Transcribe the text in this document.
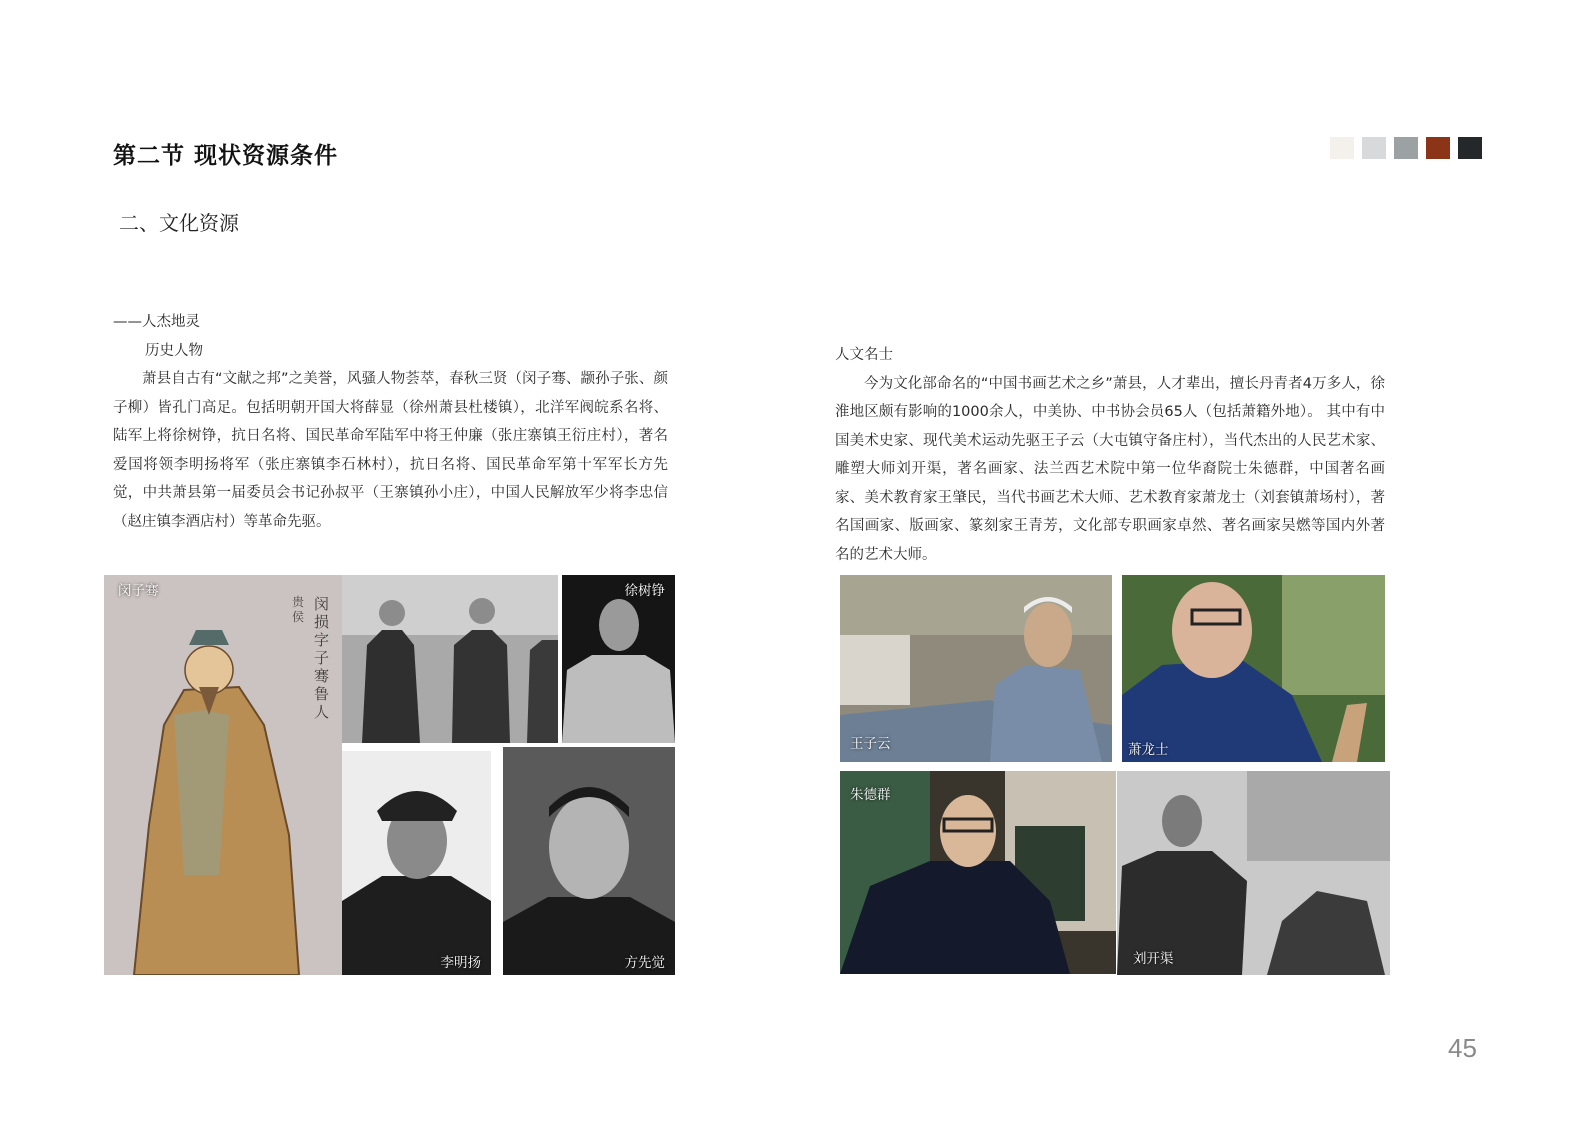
第二节 现状资源条件
二、文化资源

——人杰地灵

历史人物

萧县自古有“文献之邦”之美誉，风骚人物荟萃，春秋三贤（闵子骞、颛孙子张、颜子柳）皆孔门高足。包括明朝开国大将薛显（徐州萧县杜楼镇），北洋军阀皖系名将、陆军上将徐树铮，抗日名将、国民革命军陆军中将王仲廉（张庄寨镇王衍庄村），著名爱国将领李明扬将军（张庄寨镇李石林村），抗日名将、国民革命军第十军军长方先觉，中共萧县第一届委员会书记孙叔平（王寨镇孙小庄），中国人民解放军少将李忠信（赵庄镇李酒店村）等革命先驱。

人文名士

今为文化部命名的“中国书画艺术之乡”萧县，人才辈出，擅长丹青者4万多人，徐淮地区颇有影响的1000余人，中美协、中书协会员65人（包括萧籍外地）。 其中有中国美术史家、现代美术运动先驱王子云（大屯镇守备庄村），当代杰出的人民艺术家、雕塑大师刘开渠，著名画家、法兰西艺术院中第一位华裔院士朱德群，中国著名画家、美术教育家王肇民，当代书画艺术大师、艺术教育家萧龙士（刘套镇萧场村），著名国画家、版画家、篆刻家王青芳，文化部专职画家卓然、著名画家吴燃等国内外著名的艺术大师。

闵子骞
闵损字子骞鲁人
贵侯
徐树铮
李明扬	方先觉
王子云	萧龙士
朱德群
刘开渠
45
